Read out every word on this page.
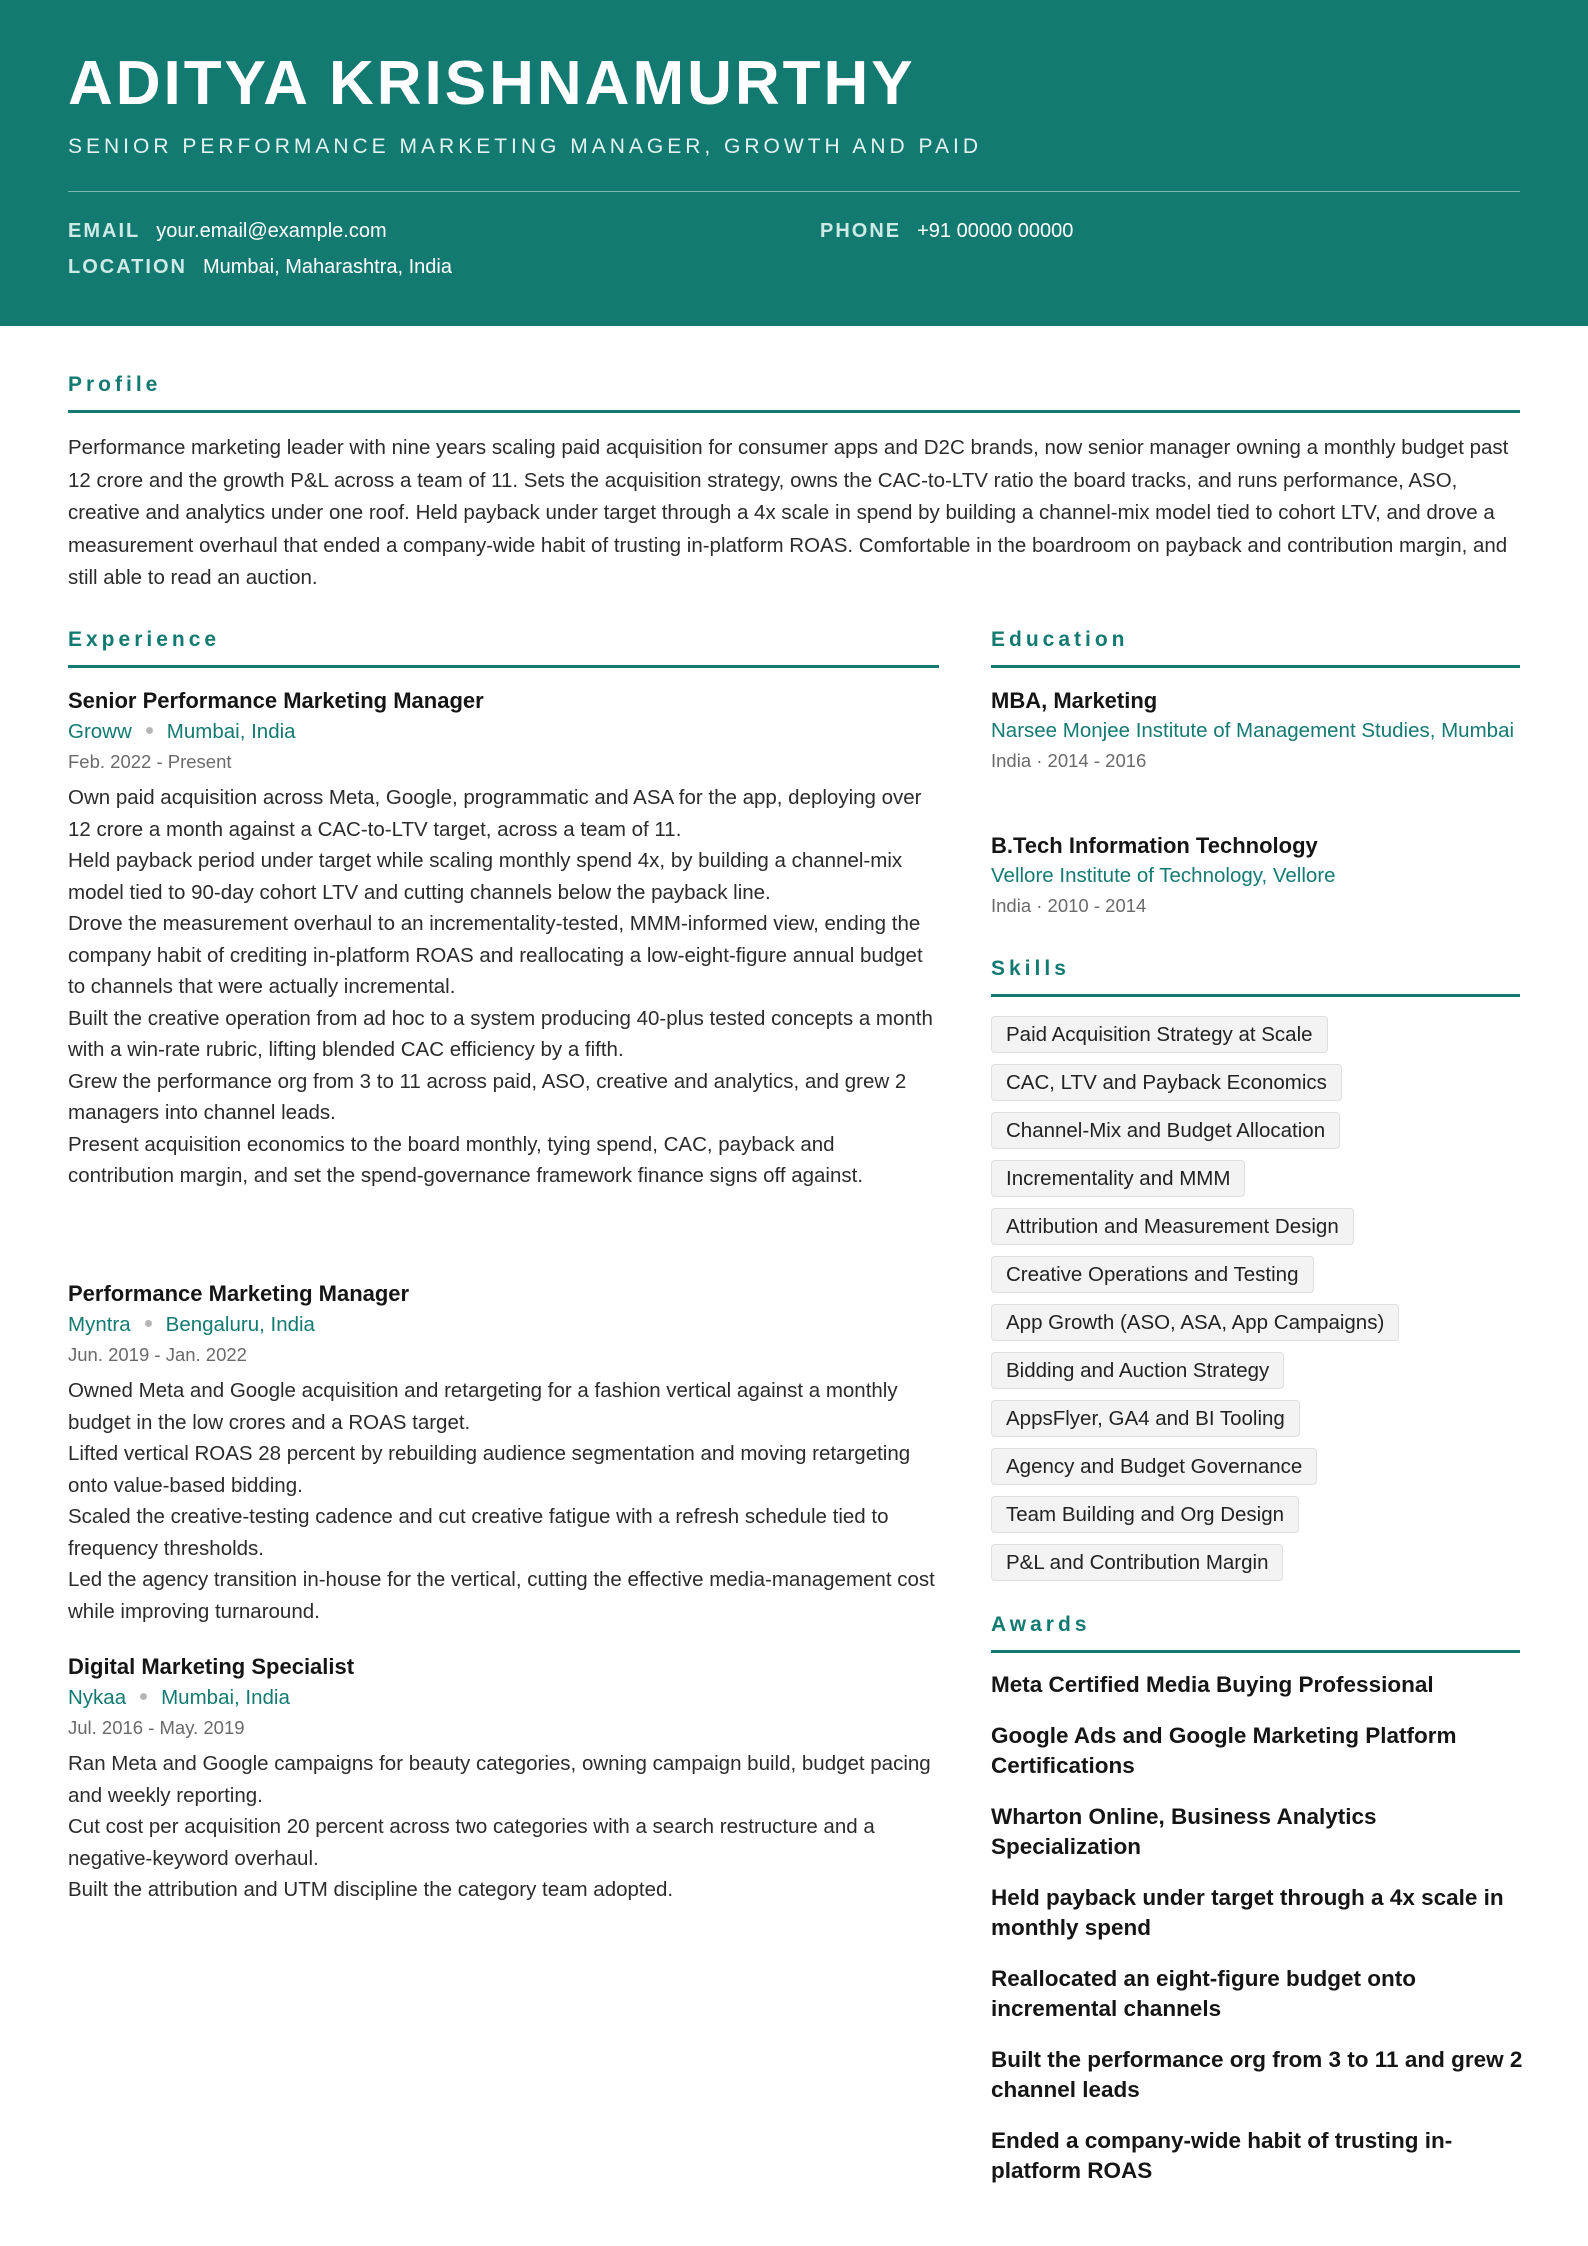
ADITYA KRISHNAMURTHY
SENIOR PERFORMANCE MARKETING MANAGER, GROWTH AND PAID
EMAIL your.email@example.com	PHONE +91 00000 00000
LOCATION Mumbai, Maharashtra, India
Profile
Performance marketing leader with nine years scaling paid acquisition for consumer apps and D2C brands, now senior manager owning a monthly budget past 12 crore and the growth P&L across a team of 11. Sets the acquisition strategy, owns the CAC-to-LTV ratio the board tracks, and runs performance, ASO, creative and analytics under one roof. Held payback under target through a 4x scale in spend by building a channel-mix model tied to cohort LTV, and drove a measurement overhaul that ended a company-wide habit of trusting in-platform ROAS. Comfortable in the boardroom on payback and contribution margin, and still able to read an auction.
Experience
Senior Performance Marketing Manager
Groww Mumbai, India
Feb. 2022 - Present
Own paid acquisition across Meta, Google, programmatic and ASA for the app, deploying over 12 crore a month against a CAC-to-LTV target, across a team of 11.
Held payback period under target while scaling monthly spend 4x, by building a channel-mix model tied to 90-day cohort LTV and cutting channels below the payback line.
Drove the measurement overhaul to an incrementality-tested, MMM-informed view, ending the company habit of crediting in-platform ROAS and reallocating a low-eight-figure annual budget to channels that were actually incremental.
Built the creative operation from ad hoc to a system producing 40-plus tested concepts a month with a win-rate rubric, lifting blended CAC efficiency by a fifth.
Grew the performance org from 3 to 11 across paid, ASO, creative and analytics, and grew 2 managers into channel leads.
Present acquisition economics to the board monthly, tying spend, CAC, payback and contribution margin, and set the spend-governance framework finance signs off against.
Performance Marketing Manager
Myntra Bengaluru, India
Jun. 2019 - Jan. 2022
Owned Meta and Google acquisition and retargeting for a fashion vertical against a monthly budget in the low crores and a ROAS target.
Lifted vertical ROAS 28 percent by rebuilding audience segmentation and moving retargeting onto value-based bidding.
Scaled the creative-testing cadence and cut creative fatigue with a refresh schedule tied to frequency thresholds.
Led the agency transition in-house for the vertical, cutting the effective media-management cost while improving turnaround.
Digital Marketing Specialist
Nykaa Mumbai, India
Jul. 2016 - May. 2019
Ran Meta and Google campaigns for beauty categories, owning campaign build, budget pacing and weekly reporting.
Cut cost per acquisition 20 percent across two categories with a search restructure and a negative-keyword overhaul.
Built the attribution and UTM discipline the category team adopted.
Education
MBA, Marketing
Narsee Monjee Institute of Management Studies, Mumbai
India · 2014 - 2016
B.Tech Information Technology
Vellore Institute of Technology, Vellore
India · 2010 - 2014
Skills
Paid Acquisition Strategy at Scale
CAC, LTV and Payback Economics
Channel-Mix and Budget Allocation
Incrementality and MMM
Attribution and Measurement Design
Creative Operations and Testing
App Growth (ASO, ASA, App Campaigns)
Bidding and Auction Strategy
AppsFlyer, GA4 and BI Tooling
Agency and Budget Governance
Team Building and Org Design
P&L and Contribution Margin
Awards
Meta Certified Media Buying Professional
Google Ads and Google Marketing Platform Certifications
Wharton Online, Business Analytics Specialization
Held payback under target through a 4x scale in monthly spend
Reallocated an eight-figure budget onto incremental channels
Built the performance org from 3 to 11 and grew 2 channel leads
Ended a company-wide habit of trusting in-platform ROAS
